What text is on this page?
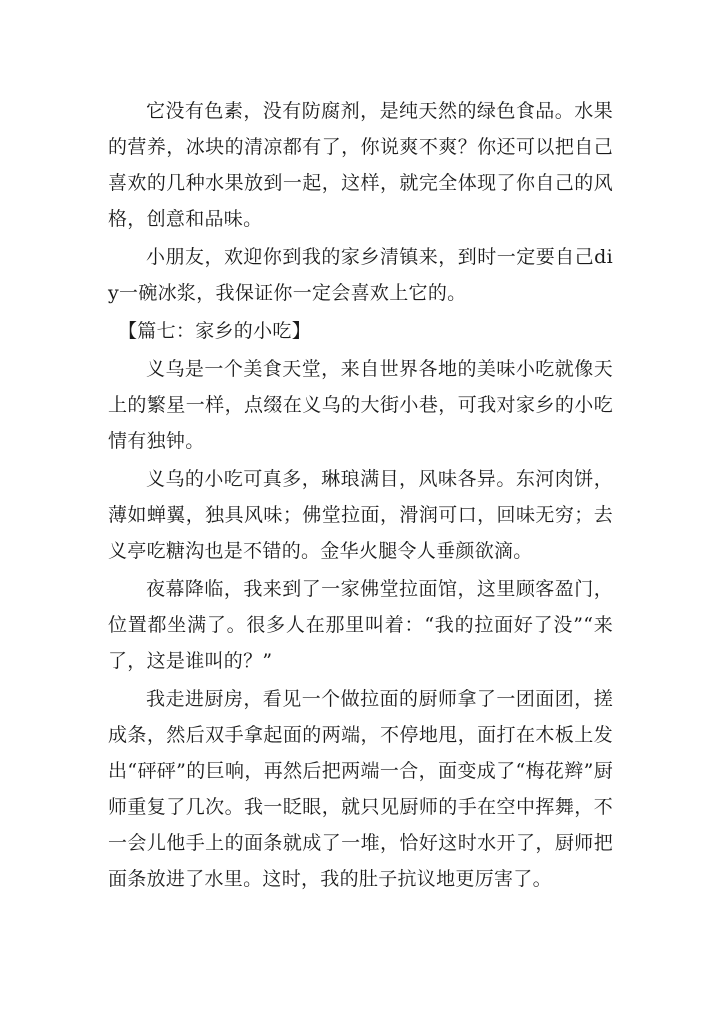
它没有色素，没有防腐剂，是纯天然的绿色食品。水果的营养，冰块的清凉都有了，你说爽不爽？你还可以把自己喜欢的几种水果放到一起，这样，就完全体现了你自己的风格，创意和品味。

小朋友，欢迎你到我的家乡清镇来，到时一定要自己diy一碗冰浆，我保证你一定会喜欢上它的。

【篇七：家乡的小吃】

义乌是一个美食天堂，来自世界各地的美味小吃就像天上的繁星一样，点缀在义乌的大街小巷，可我对家乡的小吃情有独钟。

义乌的小吃可真多，琳琅满目，风味各异。东河肉饼，薄如蝉翼，独具风味；佛堂拉面，滑润可口，回味无穷；去义亭吃糖沟也是不错的。金华火腿令人垂颜欲滴。

夜幕降临，我来到了一家佛堂拉面馆，这里顾客盈门，位置都坐满了。很多人在那里叫着：“我的拉面好了没”“来了，这是谁叫的？”

我走进厨房，看见一个做拉面的厨师拿了一团面团，搓成条，然后双手拿起面的两端，不停地甩，面打在木板上发出“砰砰”的巨响，再然后把两端一合，面变成了“梅花辫”厨师重复了几次。我一眨眼，就只见厨师的手在空中挥舞，不一会儿他手上的面条就成了一堆，恰好这时水开了，厨师把面条放进了水里。这时，我的肚子抗议地更厉害了。
